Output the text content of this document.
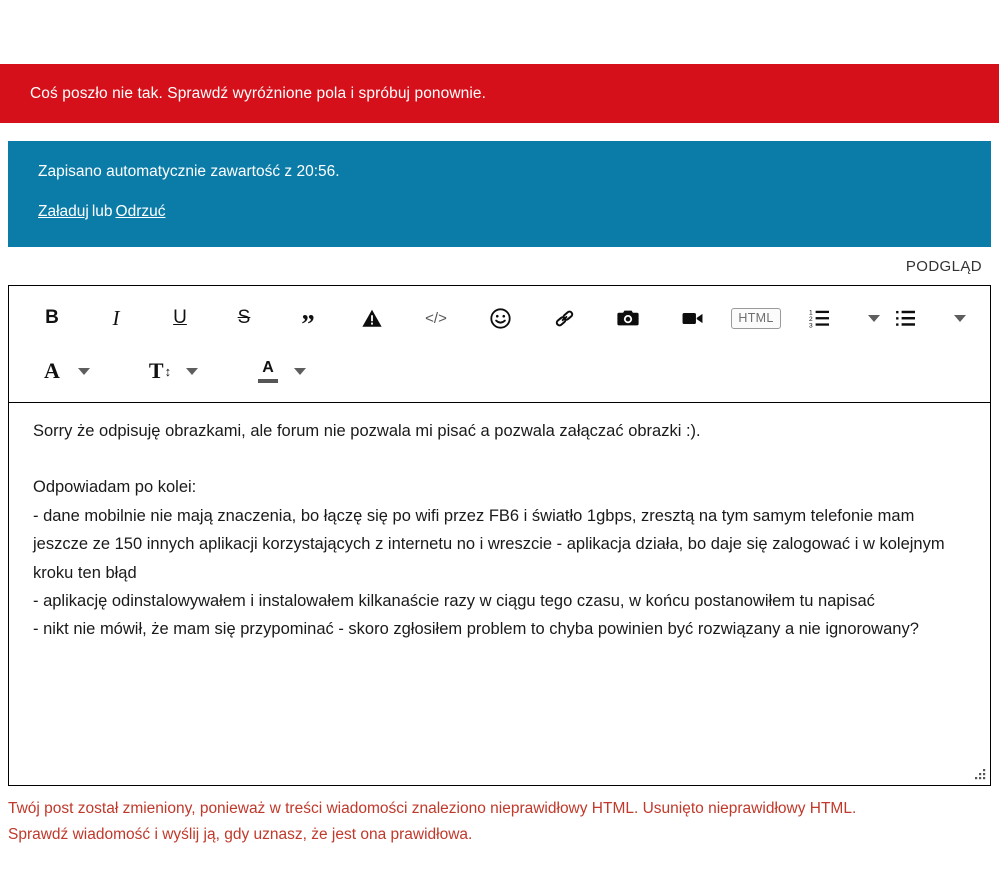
Coś poszło nie tak. Sprawdź wyróżnione pola i spróbuj ponownie.
Zapisano automatycznie zawartość z 20:56.
Załaduj lub Odrzuć
PODGLĄD
B	I	U	S	”	</>	HTML	1
2
3
A	T ↕	A

Sorry że odpisuję obrazkami, ale forum nie pozwala mi pisać a pozwala załączać obrazki :).

Odpowiadam po kolei:

- dane mobilnie nie mają znaczenia, bo łączę się po wifi przez FB6 i światło 1gbps, zresztą na tym samym telefonie mam jeszcze ze 150 innych aplikacji korzystających z internetu no i wreszcie - aplikacja działa, bo daje się zalogować i w kolejnym kroku ten błąd

- aplikację odinstalowywałem i instalowałem kilkanaście razy w ciągu tego czasu, w końcu postanowiłem tu napisać

- nikt nie mówił, że mam się przypominać - skoro zgłosiłem problem to chyba powinien być rozwiązany a nie ignorowany?

Twój post został zmieniony, ponieważ w treści wiadomości znaleziono nieprawidłowy HTML. Usunięto nieprawidłowy HTML.
Sprawdź wiadomość i wyślij ją, gdy uznasz, że jest ona prawidłowa.
